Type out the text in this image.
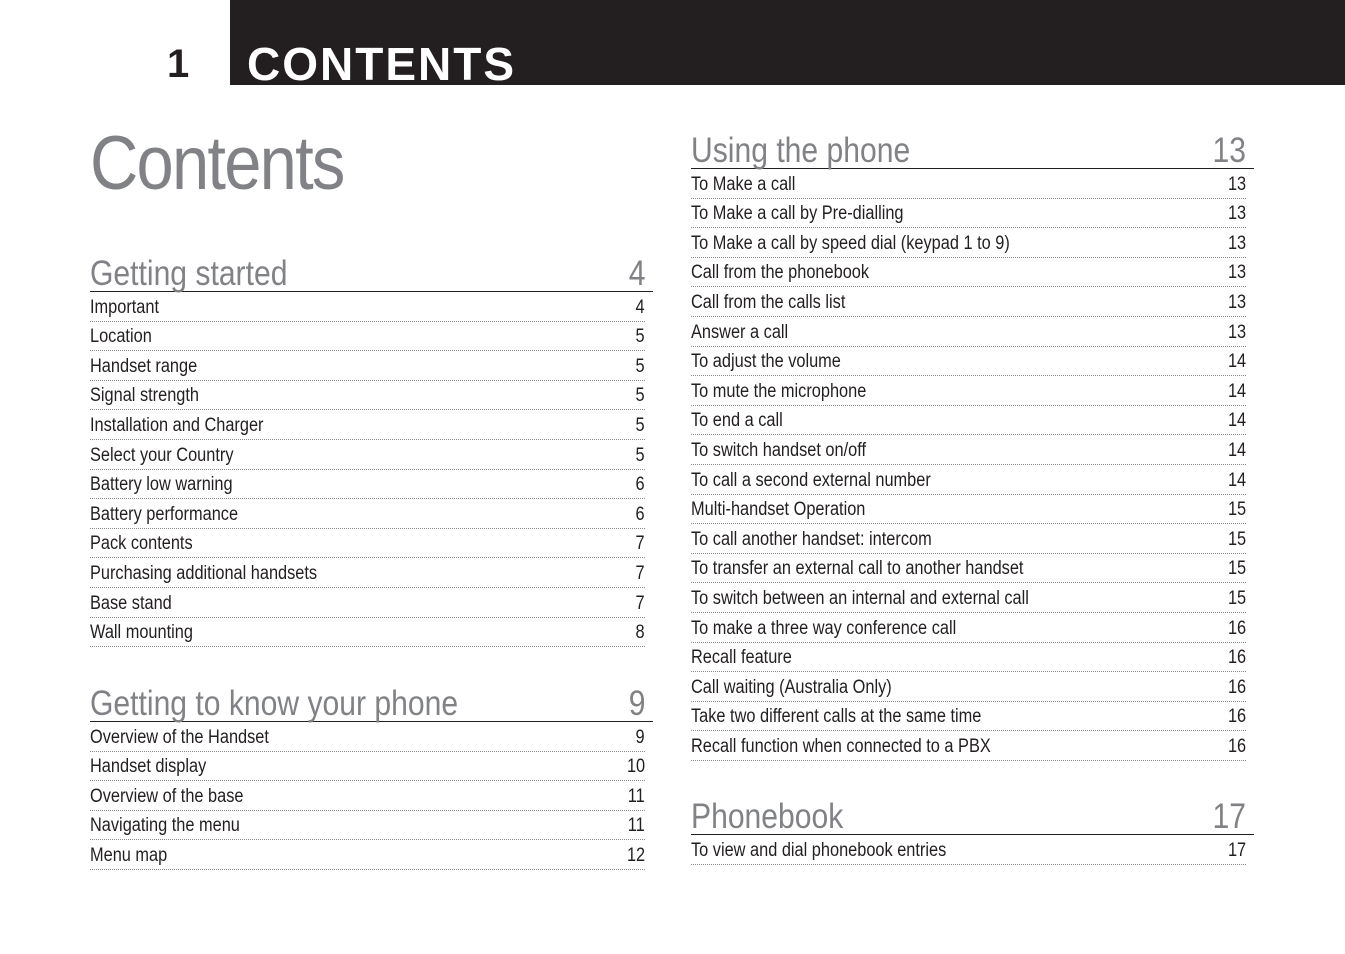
1 CONTENTS
Contents
Getting started	4
Important	4
Location	5
Handset range	5
Signal strength	5
Installation and Charger	5
Select your Country	5
Battery low warning	6
Battery performance	6
Pack contents	7
Purchasing additional handsets	7
Base stand	7
Wall mounting	8
Getting to know your phone	9
Overview of the Handset	9
Handset display	10
Overview of the base	11
Navigating the menu	11
Menu map	12
Using the phone	13
To Make a call	13
To Make a call by Pre-dialling	13
To Make a call by speed dial (keypad 1 to 9)	13
Call from the phonebook	13
Call from the calls list	13
Answer a call	13
To adjust the volume	14
To mute the microphone	14
To end a call	14
To switch handset on/off	14
To call a second external number	14
Multi-handset Operation	15
To call another handset: intercom	15
To transfer an external call to another handset	15
To switch between an internal and external call	15
To make a three way conference call	16
Recall feature	16
Call waiting (Australia Only)	16
Take two different calls at the same time	16
Recall function when connected to a PBX	16
Phonebook	17
To view and dial phonebook entries	17
